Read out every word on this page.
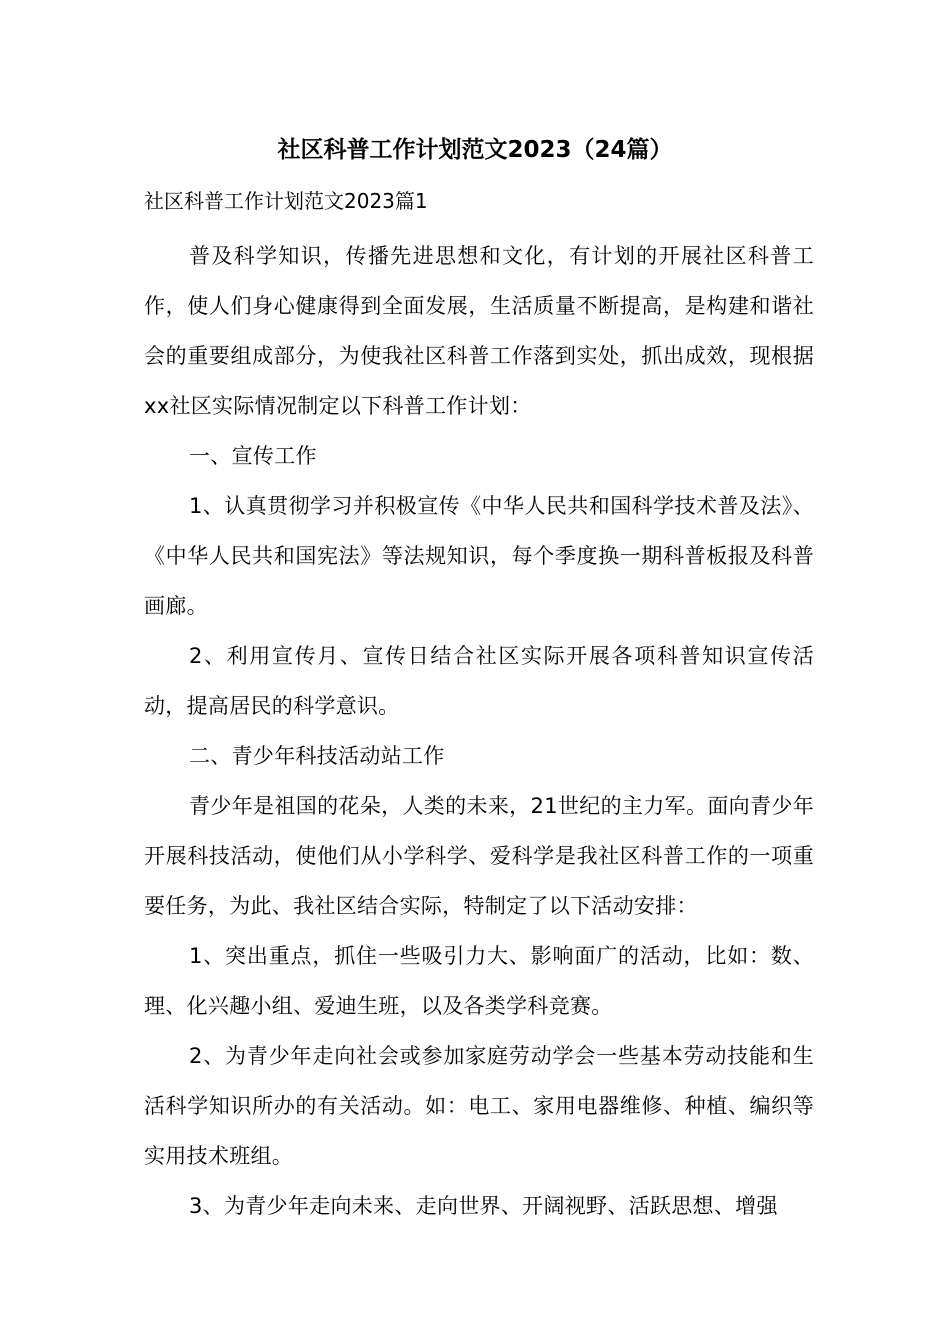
社区科普工作计划范文2023（24篇）

社区科普工作计划范文2023篇1

普及科学知识，传播先进思想和文化，有计划的开展社区科普工作，使人们身心健康得到全面发展，生活质量不断提高，是构建和谐社会的重要组成部分，为使我社区科普工作落到实处，抓出成效，现根据xx社区实际情况制定以下科普工作计划：

一、宣传工作

1、认真贯彻学习并积极宣传《中华人民共和国科学技术普及法》、《中华人民共和国宪法》等法规知识，每个季度换一期科普板报及科普画廊。

2、利用宣传月、宣传日结合社区实际开展各项科普知识宣传活动，提高居民的科学意识。

二、青少年科技活动站工作

青少年是祖国的花朵，人类的未来，21世纪的主力军。面向青少年开展科技活动，使他们从小学科学、爱科学是我社区科普工作的一项重要任务，为此、我社区结合实际，特制定了以下活动安排：

1、突出重点，抓住一些吸引力大、影响面广的活动，比如：数、理、化兴趣小组、爱迪生班，以及各类学科竞赛。

2、为青少年走向社会或参加家庭劳动学会一些基本劳动技能和生活科学知识所办的有关活动。如：电工、家用电器维修、种植、编织等实用技术班组。

3、为青少年走向未来、走向世界、开阔视野、活跃思想、增强
